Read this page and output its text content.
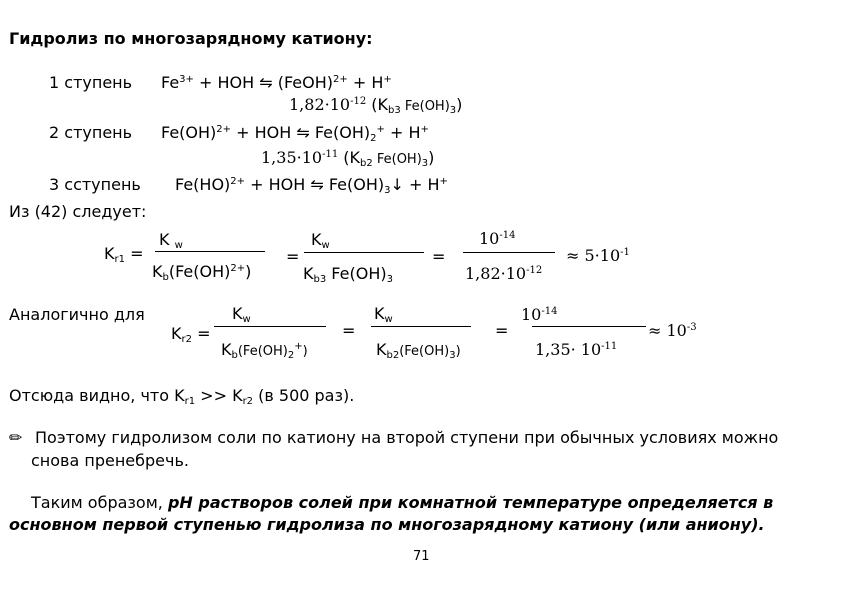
Гидролиз по многозарядному катиону:
1 ступень $Fe^{3+}$ + HOH ⇋ (FeOH)$^{2+}$ + H+
$1,82\cdot 10^{-12}$ ($K_{b3}$ $Fe(OH)_3$)
2 ступень Fe(OH)$^{2+}$ + HOH ⇋ $Fe(OH)_2^+ + H^+$
$1,35\cdot 10^{-11}$ ($K_{b2}$ $Fe(OH)_3$)
3 сступень Fe(HO)$^{2+}$ + HOH ⇋ $Fe(OH)_3↓ + H^+$
Из (42) следует:
$K_{r1}$ =
K $_w$
$K_b(Fe(OH)^{2+})$
=
$K_w$
$K_{b3}$ $Fe(OH)_3$
=
$10^{-14}$
$1,82\cdot 10^{-12}$
≈ $5\cdot 10^{-1}$
Аналогично для
$K_{r2}$ =
$K_w$
$K_b(Fe(OH)_2^+)$
=
$K_w$
$K_{b2}(Fe(OH)_3)$
=
$10^{-14}$
$1,35\cdot 10^{-11}$
≈ $10^{-3}$
Отсюда видно, что $K_{r1} >> K_{r2}$ (в 500 раз).
✏ Поэтому гидролизом соли по катиону на второй ступени при обычных условиях можно
снова пренебречь.
Таким образом, pH растворов солей при комнатной температуре определяется в
основном первой ступенью гидролиза по многозарядному катиону (или аниону).
71
